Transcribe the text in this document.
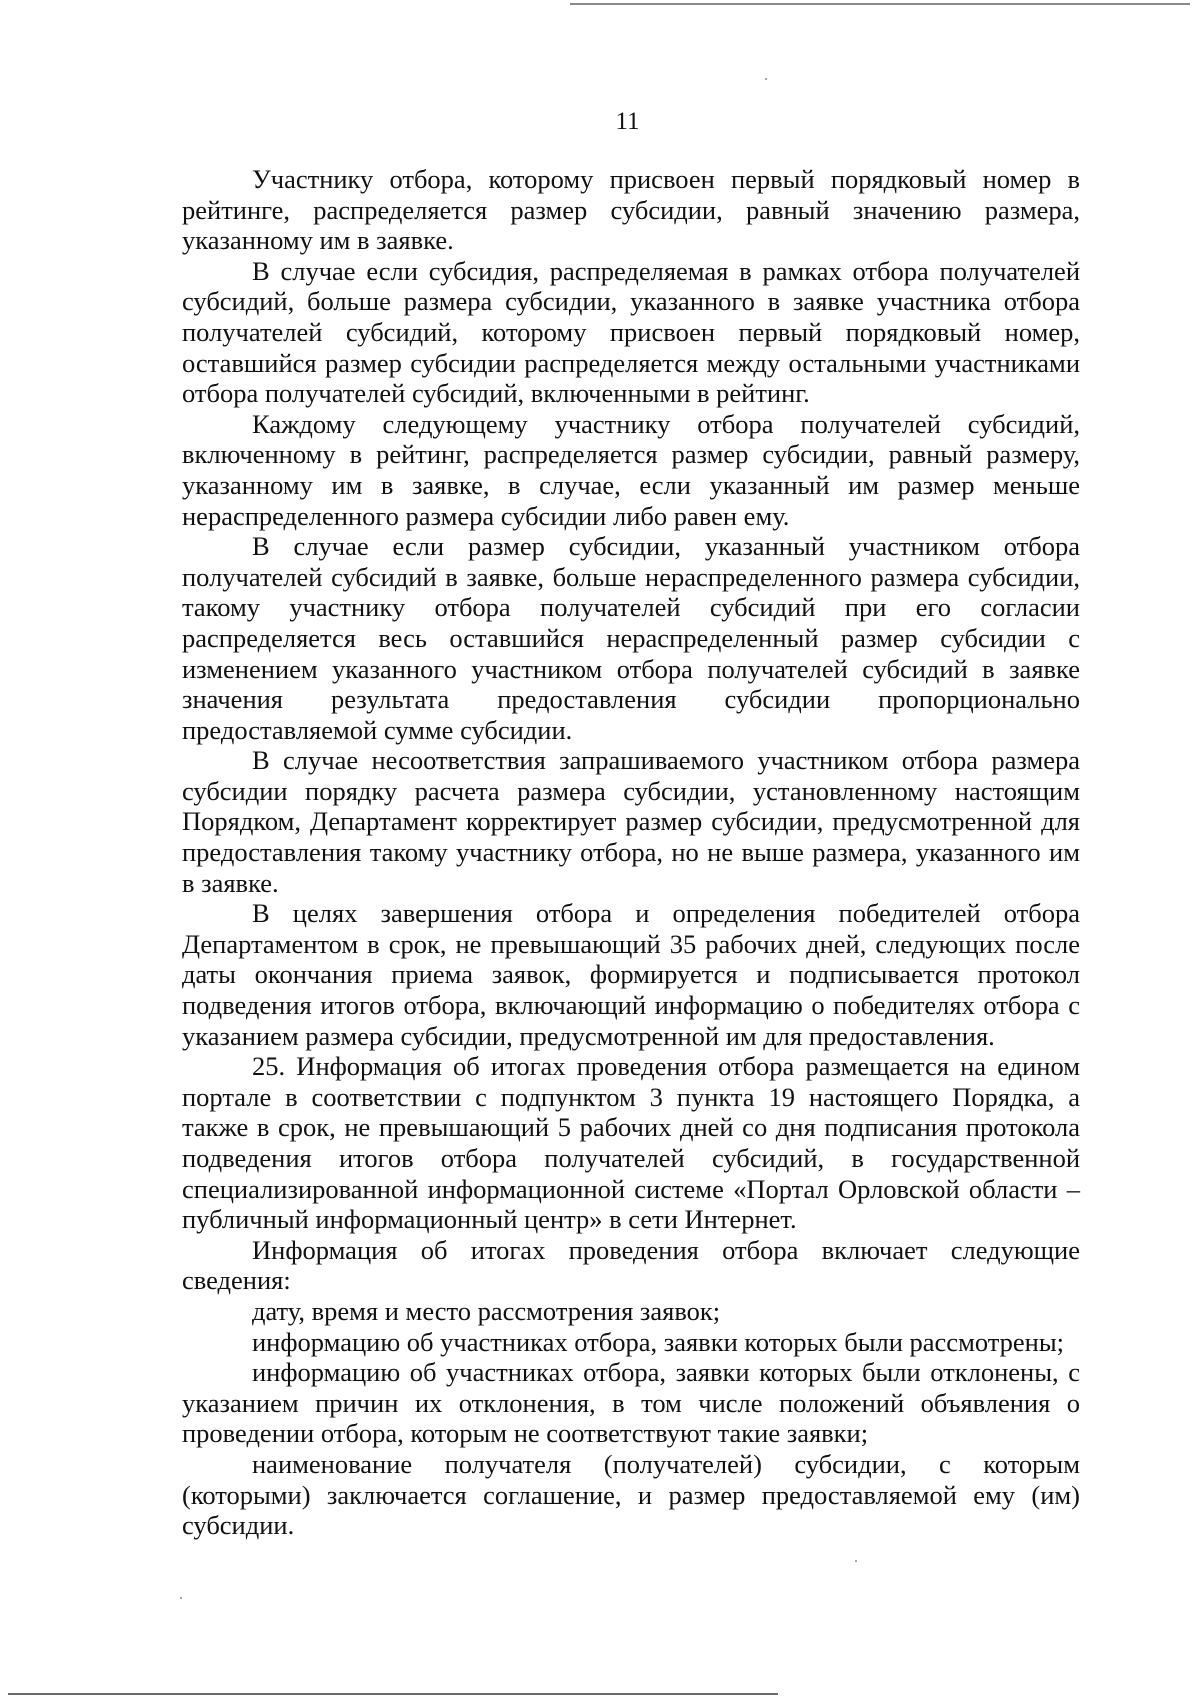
11

Участнику отбора, которому присвоен первый порядковый номер в рейтинге, распределяется размер субсидии, равный значению размера, указанному им в заявке.

В случае если субсидия, распределяемая в рамках отбора получателей субсидий, больше размера субсидии, указанного в заявке участника отбора получателей субсидий, которому присвоен первый порядковый номер, оставшийся размер субсидии распределяется между остальными участниками отбора получателей субсидий, включенными в рейтинг.

Каждому следующему участнику отбора получателей субсидий, включенному в рейтинг, распределяется размер субсидии, равный размеру, указанному им в заявке, в случае, если указанный им размер меньше нераспределенного размера субсидии либо равен ему.

В случае если размер субсидии, указанный участником отбора получателей субсидий в заявке, больше нераспределенного размера субсидии, такому участнику отбора получателей субсидий при его согласии распределяется весь оставшийся нераспределенный размер субсидии с изменением указанного участником отбора получателей субсидий в заявке значения результата предоставления субсидии пропорционально предоставляемой сумме субсидии.

В случае несоответствия запрашиваемого участником отбора размера субсидии порядку расчета размера субсидии, установленному настоящим Порядком, Департамент корректирует размер субсидии, предусмотренной для предоставления такому участнику отбора, но не выше размера, указанного им в заявке.

В целях завершения отбора и определения победителей отбора Департаментом в срок, не превышающий 35 рабочих дней, следующих после даты окончания приема заявок, формируется и подписывается протокол подведения итогов отбора, включающий информацию о победителях отбора с указанием размера субсидии, предусмотренной им для предоставления.

25. Информация об итогах проведения отбора размещается на едином портале в соответствии с подпунктом 3 пункта 19 настоящего Порядка, а также в срок, не превышающий 5 рабочих дней со дня подписания протокола подведения итогов отбора получателей субсидий, в государственной специализированной информационной системе «Портал Орловской области – публичный информационный центр» в сети Интернет.

Информация об итогах проведения отбора включает следующие сведения:

дату, время и место рассмотрения заявок;

информацию об участниках отбора, заявки которых были рассмотрены;

информацию об участниках отбора, заявки которых были отклонены, с указанием причин их отклонения, в том числе положений объявления о проведении отбора, которым не соответствуют такие заявки;

наименование получателя (получателей) субсидии, с которым (которыми) заключается соглашение, и размер предоставляемой ему (им) субсидии.
